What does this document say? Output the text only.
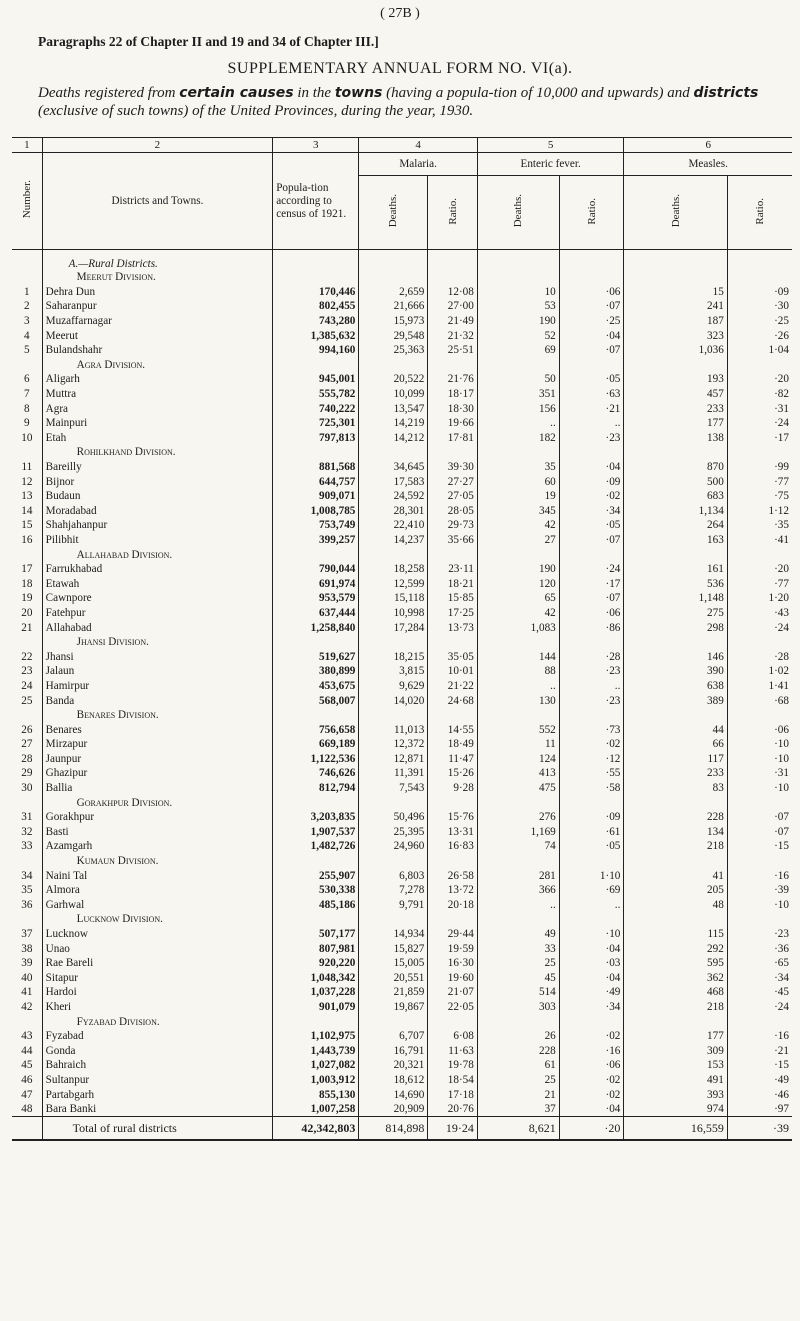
( 27B )
Paragraphs 22 of Chapter II and 19 and 34 of Chapter III.]
SUPPLEMENTARY ANNUAL FORM NO. VI(a).
Deaths registered from certain causes in the towns (having a popula-tion of 10,000 and upwards) and districts (exclusive of such towns) of the United Provinces, during the year, 1930.
1	2	3	4		5		6	
Number.	Districts and Towns.	Popula-tion according to census of 1921.	Malaria.		Enteric fever.		Measles.	
			Deaths.	Ratio.	Deaths.	Ratio.	Deaths.	Ratio.
	A.—Rural Districts.							
	Meerut Division.							
1	Dehra Dun	170,446	2,659	12·08	10	·06	15	·09
2	Saharanpur	802,455	21,666	27·00	53	·07	241	·30
3	Muzaffarnagar	743,280	15,973	21·49	190	·25	187	·25
4	Meerut	1,385,632	29,548	21·32	52	·04	323	·26
5	Bulandshahr	994,160	25,363	25·51	69	·07	1,036	1·04
	Agra Division.							
6	Aligarh	945,001	20,522	21·76	50	·05	193	·20
7	Muttra	555,782	10,099	18·17	351	·63	457	·82
8	Agra	740,222	13,547	18·30	156	·21	233	·31
9	Mainpuri	725,301	14,219	19·66	..	..	177	·24
10	Etah	797,813	14,212	17·81	182	·23	138	·17
	Rohilkhand Division.							
11	Bareilly	881,568	34,645	39·30	35	·04	870	·99
12	Bijnor	644,757	17,583	27·27	60	·09	500	·77
13	Budaun	909,071	24,592	27·05	19	·02	683	·75
14	Moradabad	1,008,785	28,301	28·05	345	·34	1,134	1·12
15	Shahjahanpur	753,749	22,410	29·73	42	·05	264	·35
16	Pilibhit	399,257	14,237	35·66	27	·07	163	·41
	Allahabad Division.							
17	Farrukhabad	790,044	18,258	23·11	190	·24	161	·20
18	Etawah	691,974	12,599	18·21	120	·17	536	·77
19	Cawnpore	953,579	15,118	15·85	65	·07	1,148	1·20
20	Fatehpur	637,444	10,998	17·25	42	·06	275	·43
21	Allahabad	1,258,840	17,284	13·73	1,083	·86	298	·24
	Jhansi Division.							
22	Jhansi	519,627	18,215	35·05	144	·28	146	·28
23	Jalaun	380,899	3,815	10·01	88	·23	390	1·02
24	Hamirpur	453,675	9,629	21·22	..	..	638	1·41
25	Banda	568,007	14,020	24·68	130	·23	389	·68
	Benares Division.							
26	Benares	756,658	11,013	14·55	552	·73	44	·06
27	Mirzapur	669,189	12,372	18·49	11	·02	66	·10
28	Jaunpur	1,122,536	12,871	11·47	124	·12	117	·10
29	Ghazipur	746,626	11,391	15·26	413	·55	233	·31
30	Ballia	812,794	7,543	9·28	475	·58	83	·10
	Gorakhpur Division.							
31	Gorakhpur	3,203,835	50,496	15·76	276	·09	228	·07
32	Basti	1,907,537	25,395	13·31	1,169	·61	134	·07
33	Azamgarh	1,482,726	24,960	16·83	74	·05	218	·15
	Kumaun Division.							
34	Naini Tal	255,907	6,803	26·58	281	1·10	41	·16
35	Almora	530,338	7,278	13·72	366	·69	205	·39
36	Garhwal	485,186	9,791	20·18	..	..	48	·10
	Lucknow Division.							
37	Lucknow	507,177	14,934	29·44	49	·10	115	·23
38	Unao	807,981	15,827	19·59	33	·04	292	·36
39	Rae Bareli	920,220	15,005	16·30	25	·03	595	·65
40	Sitapur	1,048,342	20,551	19·60	45	·04	362	·34
41	Hardoi	1,037,228	21,859	21·07	514	·49	468	·45
42	Kheri	901,079	19,867	22·05	303	·34	218	·24
	Fyzabad Division.							
43	Fyzabad	1,102,975	6,707	6·08	26	·02	177	·16
44	Gonda	1,443,739	16,791	11·63	228	·16	309	·21
45	Bahraich	1,027,082	20,321	19·78	61	·06	153	·15
46	Sultanpur	1,003,912	18,612	18·54	25	·02	491	·49
47	Partabgarh	855,130	14,690	17·18	21	·02	393	·46
48	Bara Banki	1,007,258	20,909	20·76	37	·04	974	·97
	Total of rural districts	42,342,803	814,898	19·24	8,621	·20	16,559	·39
